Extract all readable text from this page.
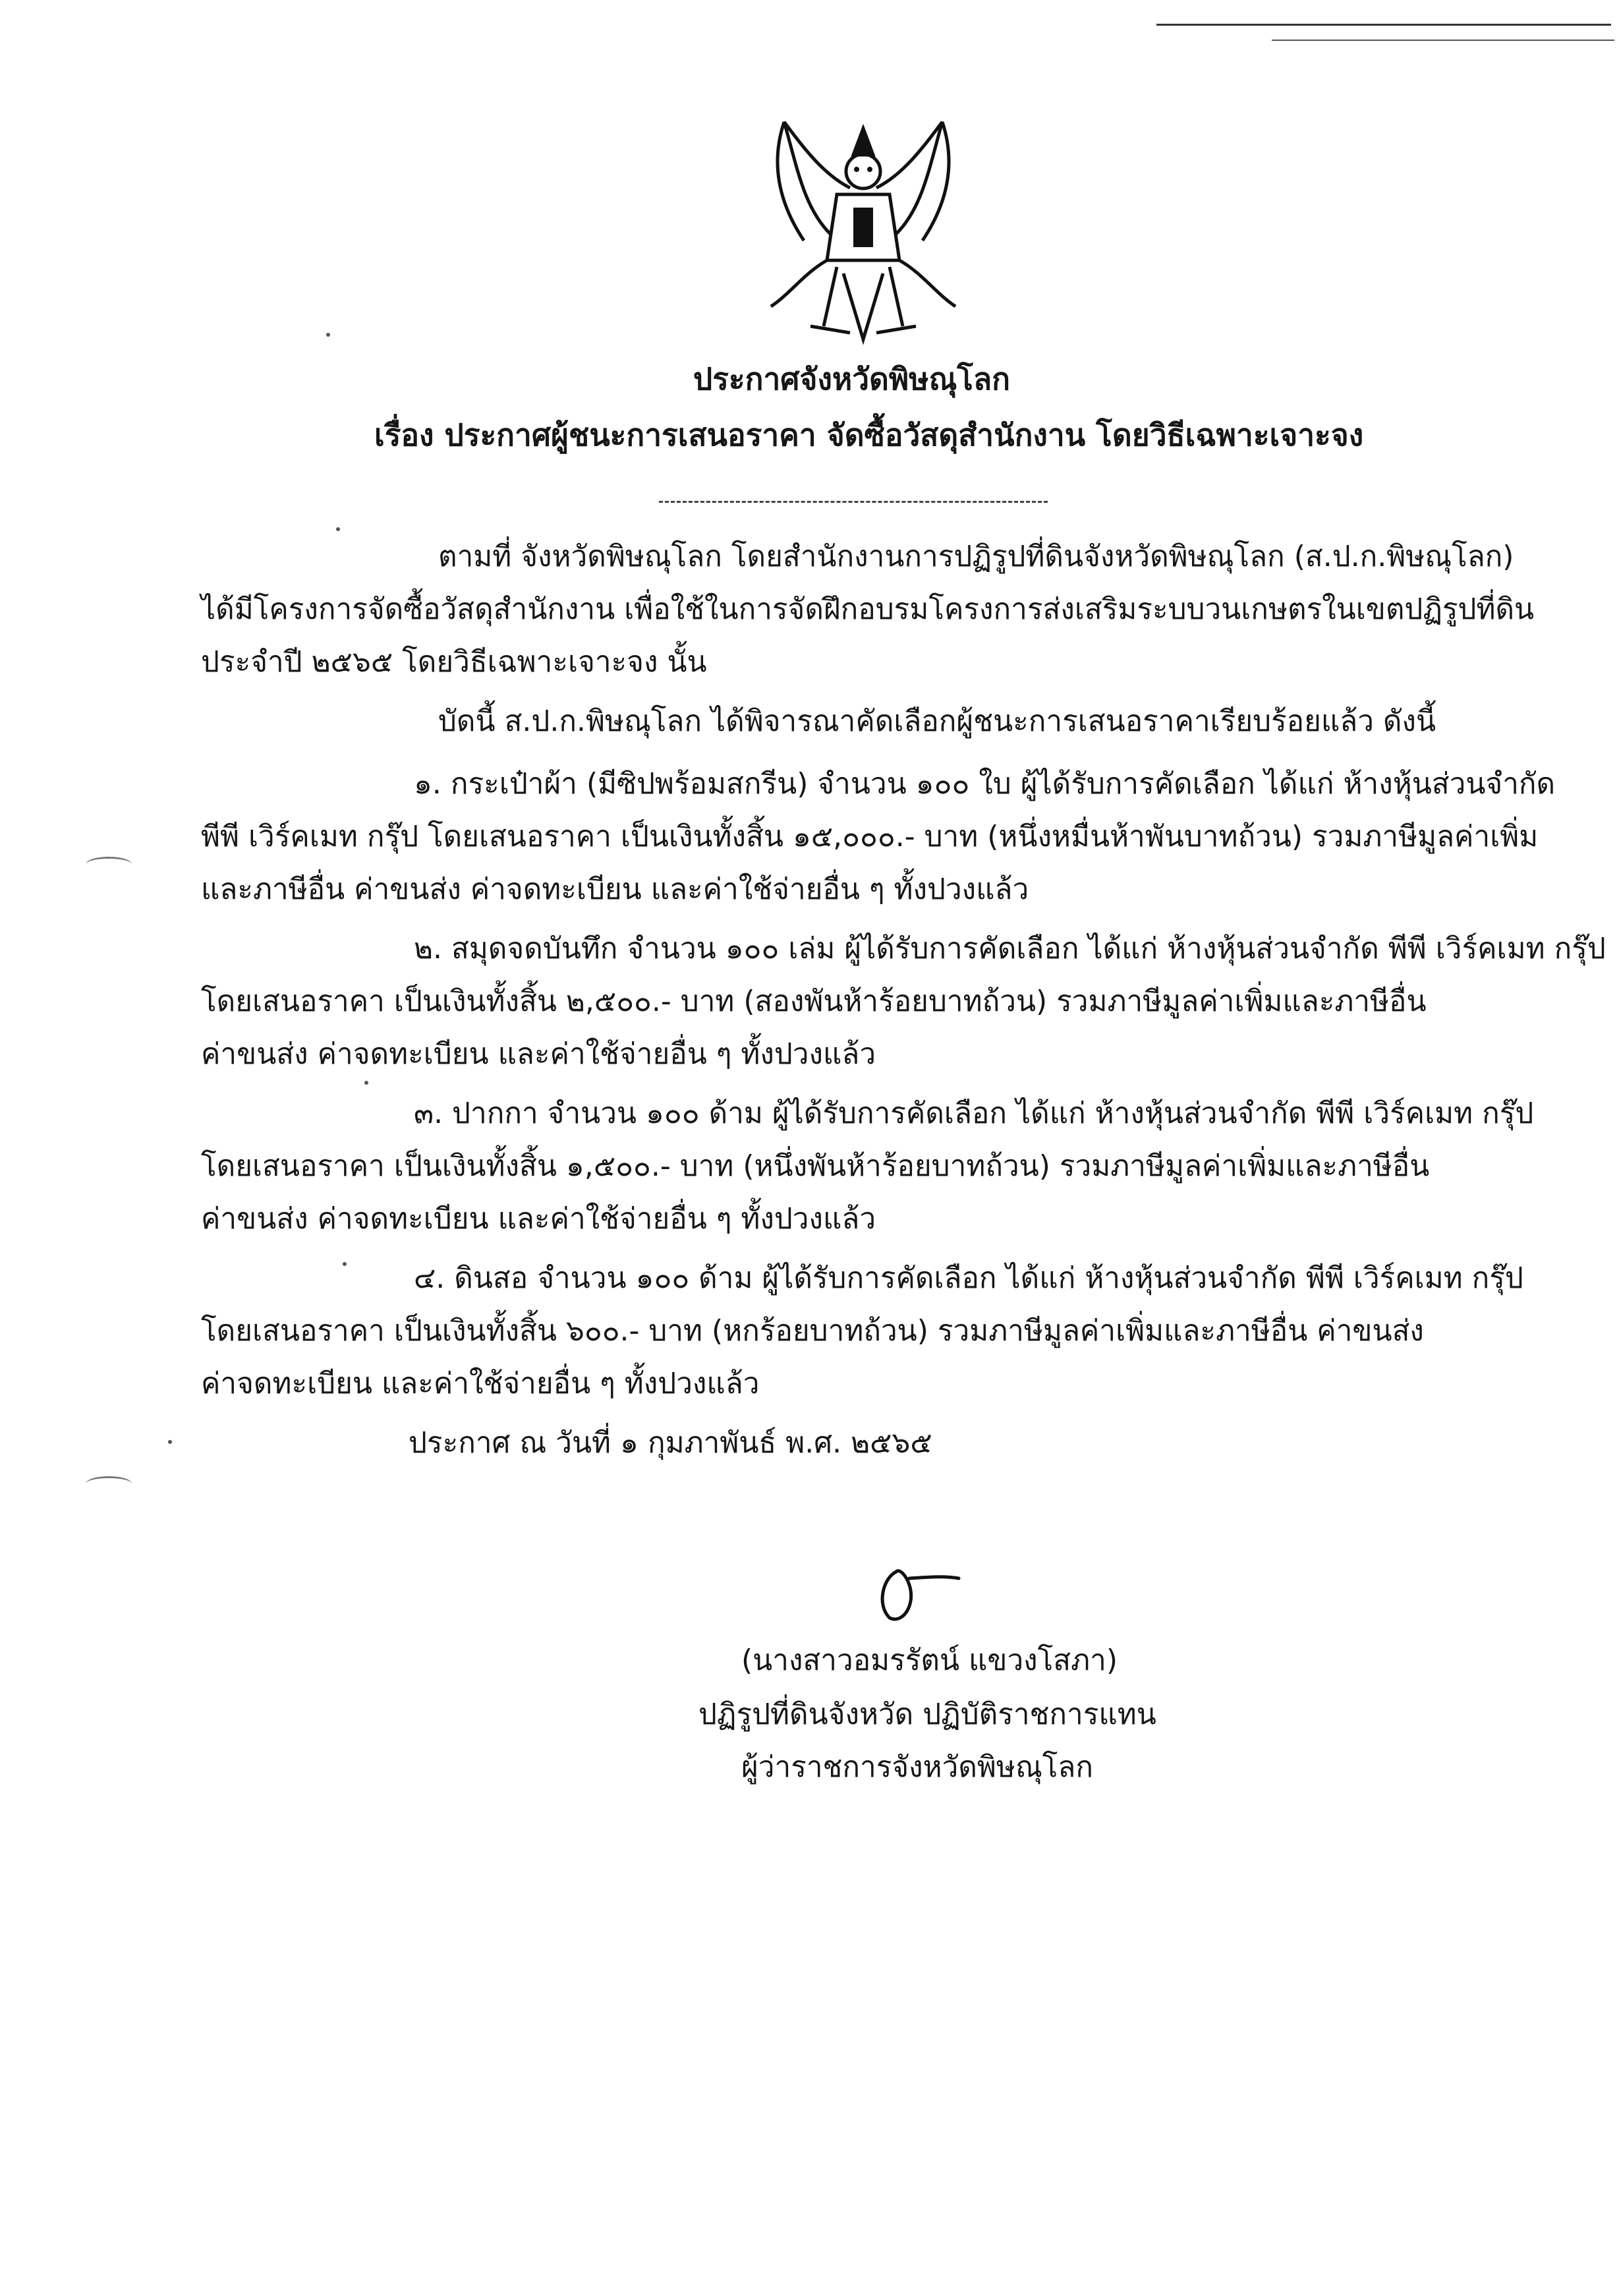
ประกาศจังหวัดพิษณุโลก
เรื่อง ประกาศผู้ชนะการเสนอราคา จัดซื้อวัสดุสำนักงาน โดยวิธีเฉพาะเจาะจง
ตามที่ จังหวัดพิษณุโลก โดยสำนักงานการปฏิรูปที่ดินจังหวัดพิษณุโลก (ส.ป.ก.พิษณุโลก)
ได้มีโครงการจัดซื้อวัสดุสำนักงาน เพื่อใช้ในการจัดฝึกอบรมโครงการส่งเสริมระบบวนเกษตรในเขตปฏิรูปที่ดิน
ประจำปี ๒๕๖๕ โดยวิธีเฉพาะเจาะจง นั้น
บัดนี้ ส.ป.ก.พิษณุโลก ได้พิจารณาคัดเลือกผู้ชนะการเสนอราคาเรียบร้อยแล้ว ดังนี้
๑. กระเป๋าผ้า (มีซิปพร้อมสกรีน) จำนวน ๑๐๐ ใบ ผู้ได้รับการคัดเลือก ได้แก่ ห้างหุ้นส่วนจำกัด
พีพี เวิร์คเมท กรุ๊ป โดยเสนอราคา เป็นเงินทั้งสิ้น ๑๕,๐๐๐.- บาท (หนึ่งหมื่นห้าพันบาทถ้วน) รวมภาษีมูลค่าเพิ่ม
และภาษีอื่น ค่าขนส่ง ค่าจดทะเบียน และค่าใช้จ่ายอื่น ๆ ทั้งปวงแล้ว
๒. สมุดจดบันทึก จำนวน ๑๐๐ เล่ม ผู้ได้รับการคัดเลือก ได้แก่ ห้างหุ้นส่วนจำกัด พีพี เวิร์คเมท กรุ๊ป
โดยเสนอราคา เป็นเงินทั้งสิ้น ๒,๕๐๐.- บาท (สองพันห้าร้อยบาทถ้วน) รวมภาษีมูลค่าเพิ่มและภาษีอื่น
ค่าขนส่ง ค่าจดทะเบียน และค่าใช้จ่ายอื่น ๆ ทั้งปวงแล้ว
๓. ปากกา จำนวน ๑๐๐ ด้าม ผู้ได้รับการคัดเลือก ได้แก่ ห้างหุ้นส่วนจำกัด พีพี เวิร์คเมท กรุ๊ป
โดยเสนอราคา เป็นเงินทั้งสิ้น ๑,๕๐๐.- บาท (หนึ่งพันห้าร้อยบาทถ้วน) รวมภาษีมูลค่าเพิ่มและภาษีอื่น
ค่าขนส่ง ค่าจดทะเบียน และค่าใช้จ่ายอื่น ๆ ทั้งปวงแล้ว
๔. ดินสอ จำนวน ๑๐๐ ด้าม ผู้ได้รับการคัดเลือก ได้แก่ ห้างหุ้นส่วนจำกัด พีพี เวิร์คเมท กรุ๊ป
โดยเสนอราคา เป็นเงินทั้งสิ้น ๖๐๐.- บาท (หกร้อยบาทถ้วน) รวมภาษีมูลค่าเพิ่มและภาษีอื่น ค่าขนส่ง
ค่าจดทะเบียน และค่าใช้จ่ายอื่น ๆ ทั้งปวงแล้ว
ประกาศ ณ วันที่ ๑ กุมภาพันธ์ พ.ศ. ๒๕๖๕
(นางสาวอมรรัตน์ แขวงโสภา)
ปฏิรูปที่ดินจังหวัด ปฏิบัติราชการแทน
ผู้ว่าราชการจังหวัดพิษณุโลก
